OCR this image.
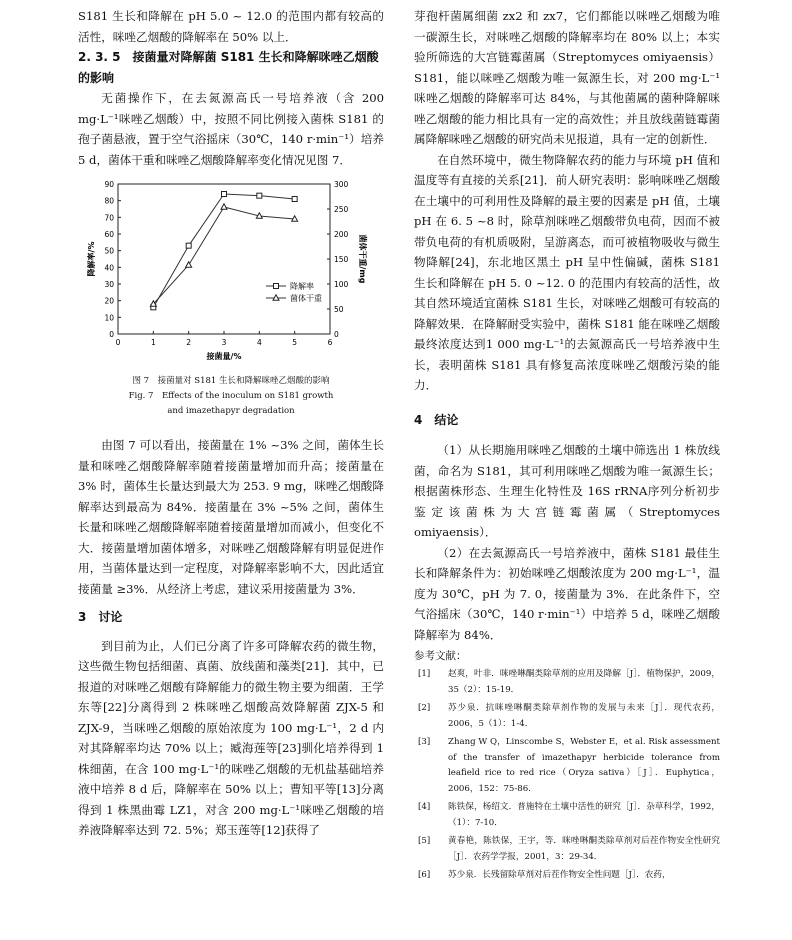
S181 生长和降解在 pH 5.0 ~ 12.0 的范围内都有较高的活性，咪唑乙烟酸的降解率在 50% 以上．

2. 3. 5　接菌量对降解菌 S181 生长和降解咪唑乙烟酸的影响

无菌操作下，在去氮源高氏一号培养液（含 200 mg·L⁻¹咪唑乙烟酸）中，按照不同比例接入菌株 S181 的孢子菌悬液，置于空气浴摇床（30℃，140 r·min⁻¹）培养 5 d，菌体干重和咪唑乙烟酸降解率变化情况见图 7．

0
10
20
30
40
50
60
70
80
90
0
50
100
150
200
250
300
0	1	2	3	4	5	6
接菌量/%
降解率/%	菌体干重/mg
降解率
菌体干重
图 7　接菌量对 S181 生长和降解咪唑乙烟酸的影响
Fig. 7　Effects of the inoculum on S181 growth
and imazethapyr degradation

由图 7 可以看出，接菌量在 1% ~3% 之间，菌体生长量和咪唑乙烟酸降解率随着接菌量增加而升高；接菌量在 3% 时，菌体生长量达到最大为 253. 9 mg，咪唑乙烟酸降解率达到最高为 84%．接菌量在 3% ~5% 之间，菌体生长量和咪唑乙烟酸降解率随着接菌量增加而减小，但变化不大．接菌量增加菌体增多，对咪唑乙烟酸降解有明显促进作用，当菌体量达到一定程度，对降解率影响不大，因此适宜接菌量 ≥3%．从经济上考虑，建议采用接菌量为 3%．

3　讨论

到目前为止，人们已分离了许多可降解农药的微生物，这些微生物包括细菌、真菌、放线菌和藻类[21]．其中，已报道的对咪唑乙烟酸有降解能力的微生物主要为细菌．王学东等[22]分离得到 2 株咪唑乙烟酸高效降解菌 ZJX-5 和 ZJX-9，当咪唑乙烟酸的原始浓度为 100 mg·L⁻¹，2 d 内对其降解率均达 70% 以上；臧海莲等[23]驯化培养得到 1 株细菌，在含 100 mg·L⁻¹的咪唑乙烟酸的无机盐基础培养液中培养 8 d 后，降解率在 50% 以上；曹知平等[13]分离得到 1 株黑曲霉 LZ1，对含 200 mg·L⁻¹咪唑乙烟酸的培养液降解率达到 72. 5%；郑玉莲等[12]获得了

芽孢杆菌属细菌 zx2 和 zx7，它们都能以咪唑乙烟酸为唯一碳源生长，对咪唑乙烟酸的降解率均在 80% 以上；本实验所筛选的大宫链霉菌属（Streptomyces omiyaensis）S181，能以咪唑乙烟酸为唯一氮源生长，对 200 mg·L⁻¹咪唑乙烟酸的降解率可达 84%，与其他菌属的菌种降解咪唑乙烟酸的能力相比具有一定的高效性；并且放线菌链霉菌属降解咪唑乙烟酸的研究尚未见报道，具有一定的创新性．

在自然环境中，微生物降解农药的能力与环境 pH 值和温度等有直接的关系[21]．前人研究表明：影响咪唑乙烟酸在土壤中的可利用性及降解的最主要的因素是 pH 值，土壤 pH 在 6. 5 ~8 时，除草剂咪唑乙烟酸带负电荷，因而不被带负电荷的有机质吸附，呈游离态，而可被植物吸收与微生物降解[24]，东北地区黑土 pH 呈中性偏碱，菌株 S181 生长和降解在 pH 5. 0 ~12. 0 的范围内有较高的活性，故其自然环境适宜菌株 S181 生长，对咪唑乙烟酸可有较高的降解效果．在降解耐受实验中，菌株 S181 能在咪唑乙烟酸最终浓度达到1 000 mg·L⁻¹的去氮源高氏一号培养液中生长，表明菌株 S181 具有修复高浓度咪唑乙烟酸污染的能力．

4　结论

（1）从长期施用咪唑乙烟酸的土壤中筛选出 1 株放线菌，命名为 S181，其可利用咪唑乙烟酸为唯一氮源生长；根据菌株形态、生理生化特性及 16S rRNA序列分析初步鉴定该菌株为大宫链霉菌属（Streptomyces omiyaensis）．

（2）在去氮源高氏一号培养液中，菌株 S181 最佳生长和降解条件为：初始咪唑乙烟酸浓度为 200 mg·L⁻¹，温度为 30℃，pH 为 7. 0，接菌量为 3%．在此条件下，空气浴摇床（30℃，140 r·min⁻¹）中培养 5 d，咪唑乙烟酸降解率为 84%．

参考文献：
[1] 赵爽，叶非．咪唑啉酮类除草剂的应用及降解［J］．植物保护，2009，35（2）：15-19．
[2] 苏少泉．抗咪唑啉酮类除草剂作物的发展与未来［J］．现代农药，2006，5（1）：1-4．
[3] Zhang W Q，Linscombe S，Webster E，et al. Risk assessment of the transfer of imazethapyr herbicide tolerance from leafield rice to red rice（Oryza sativa）［J］．Euphytica，2006，152：75-86．
[4] 陈铁保，杨绍文．普施特在土壤中活性的研究［J］．杂草科学，1992，（1）：7-10．
[5] 黄春艳，陈铁保，王宇，等．咪唑啉酮类除草剂对后茬作物安全性研究［J］．农药学学报，2001，3：29-34．
[6] 苏少泉．长残留除草剂对后茬作物安全性问题［J］．农药，
